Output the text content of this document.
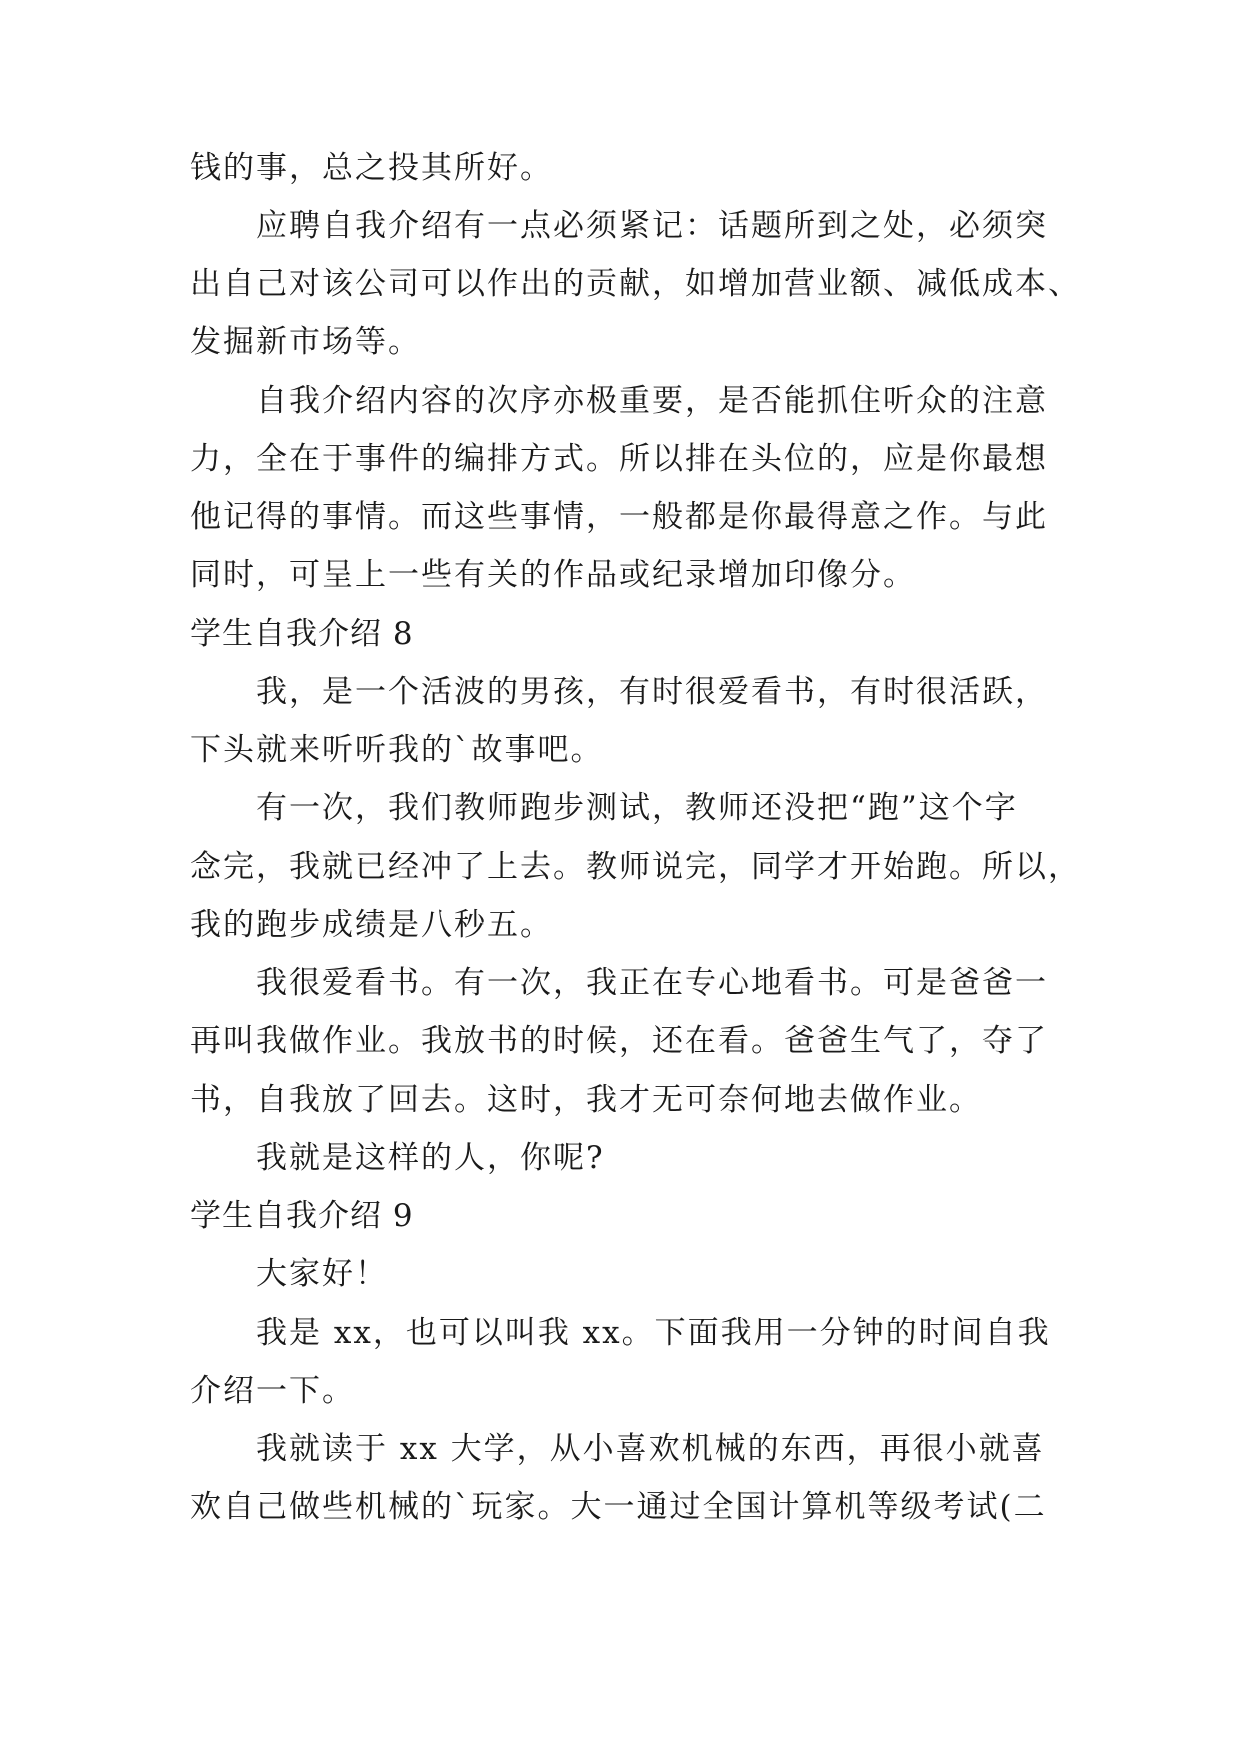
钱的事，总之投其所好。
应聘自我介绍有一点必须紧记：话题所到之处，必须突
出自己对该公司可以作出的贡献，如增加营业额、减低成本、
发掘新市场等。
自我介绍内容的次序亦极重要，是否能抓住听众的注意
力，全在于事件的编排方式。所以排在头位的，应是你最想
他记得的事情。而这些事情，一般都是你最得意之作。与此
同时，可呈上一些有关的作品或纪录增加印像分。
学生自我介绍 8
我，是一个活波的男孩，有时很爱看书，有时很活跃，
下头就来听听我的`故事吧。
有一次，我们教师跑步测试，教师还没把“跑”这个字
念完，我就已经冲了上去。教师说完，同学才开始跑。所以，
我的跑步成绩是八秒五。
我很爱看书。有一次，我正在专心地看书。可是爸爸一
再叫我做作业。我放书的时候，还在看。爸爸生气了，夺了
书，自我放了回去。这时，我才无可奈何地去做作业。
我就是这样的人，你呢?
学生自我介绍 9
大家好！
我是 xx，也可以叫我 xx。下面我用一分钟的时间自我
介绍一下。
我就读于 xx 大学，从小喜欢机械的东西，再很小就喜
欢自己做些机械的`玩家。大一通过全国计算机等级考试(二
